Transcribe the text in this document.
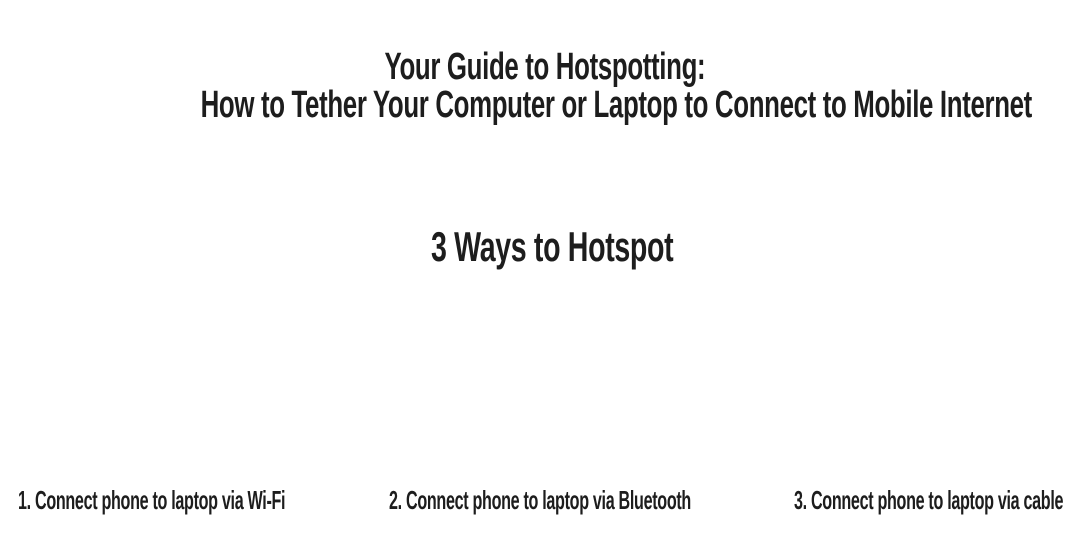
Your Guide to Hotspotting:
How to Tether Your Computer or Laptop to Connect to Mobile Internet
3 Ways to Hotspot
1. Connect phone to laptop via Wi-Fi	2. Connect phone to laptop via Bluetooth	3. Connect phone to laptop via cable
